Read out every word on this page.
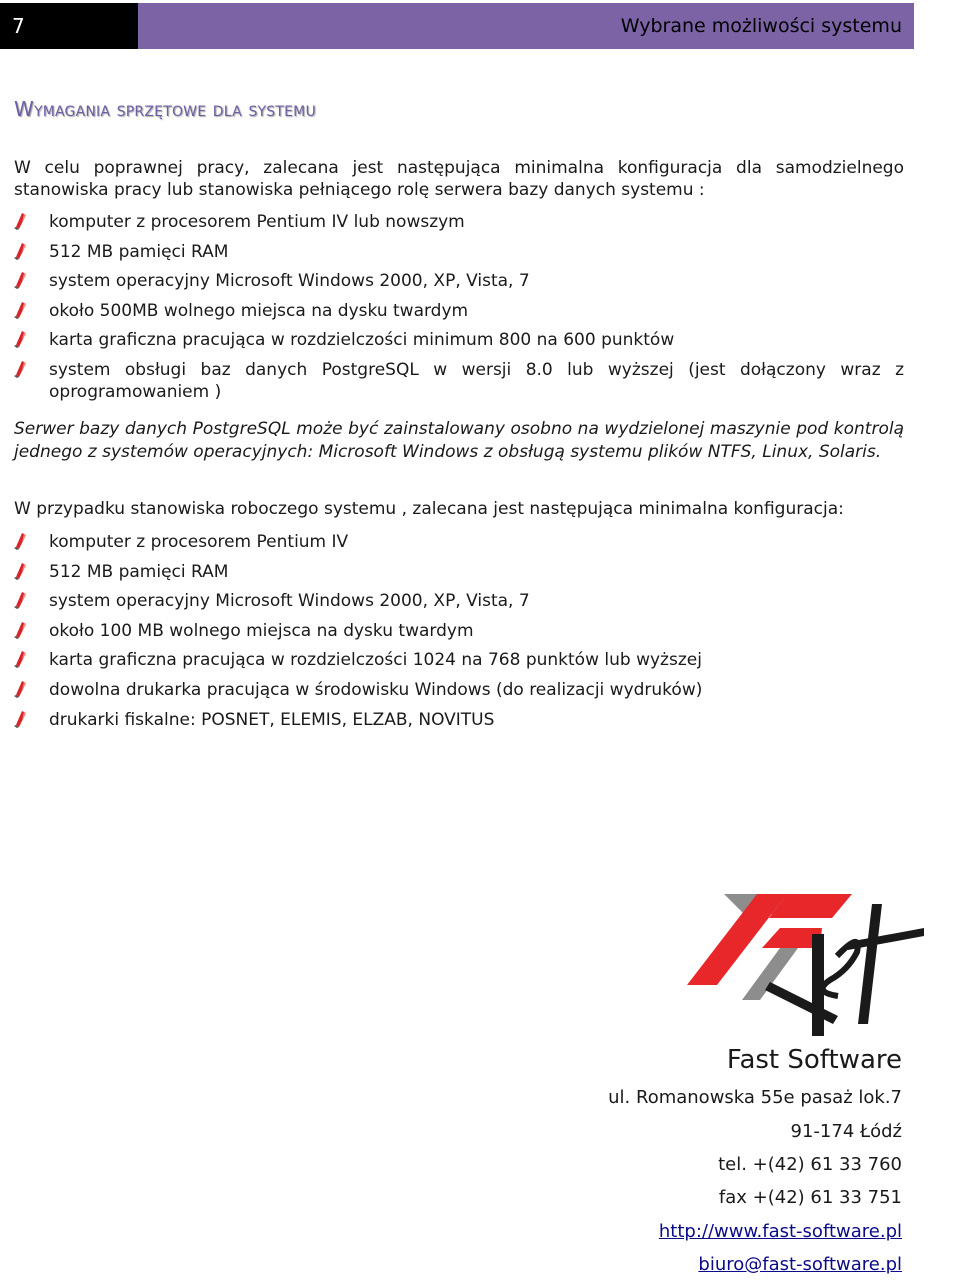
7	Wybrane możliwości systemu
Wymagania sprzętowe dla systemu
W celu poprawnej pracy, zalecana jest następująca minimalna konfiguracja dla samodzielnego stanowiska pracy lub stanowiska pełniącego rolę serwera bazy danych systemu :
komputer z procesorem Pentium IV lub nowszym
512 MB pamięci RAM
system operacyjny Microsoft Windows 2000, XP, Vista, 7
około 500MB wolnego miejsca na dysku twardym
karta graficzna pracująca w rozdzielczości minimum 800 na 600 punktów
system obsługi baz danych PostgreSQL w wersji 8.0 lub wyższej (jest dołączony wraz z oprogramowaniem )
Serwer bazy danych PostgreSQL może być zainstalowany osobno na wydzielonej maszynie pod kontrolą jednego z systemów operacyjnych: Microsoft Windows z obsługą systemu plików NTFS, Linux, Solaris.
W przypadku stanowiska roboczego systemu , zalecana jest następująca minimalna konfiguracja:
komputer z procesorem Pentium IV
512 MB pamięci RAM
system operacyjny Microsoft Windows 2000, XP, Vista, 7
około 100 MB wolnego miejsca na dysku twardym
karta graficzna pracująca w rozdzielczości 1024 na 768 punktów lub wyższej
dowolna drukarka pracująca w środowisku Windows (do realizacji wydruków)
drukarki fiskalne: POSNET, ELEMIS, ELZAB, NOVITUS
Fast Software
ul. Romanowska 55e pasaż lok.7
91-174 Łódź
tel. +(42) 61 33 760
fax +(42) 61 33 751
http://www.fast-software.pl
biuro@fast-software.pl
